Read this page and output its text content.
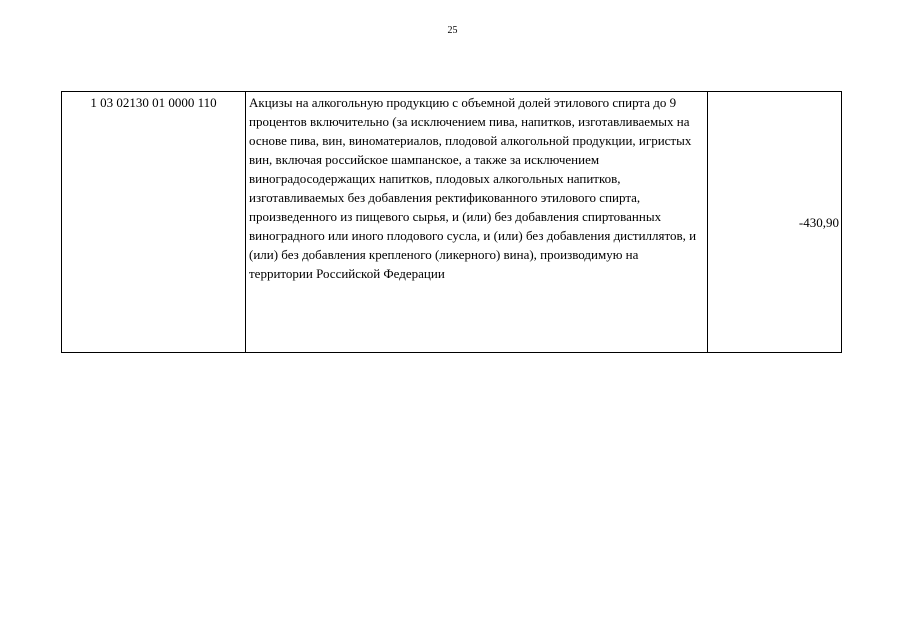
25
1 03 02130 01 0000 110	Акцизы на алкогольную продукцию с объемной долей этилового спирта до 9 процентов включительно (за исключением пива, напитков, изготавливаемых на основе пива, вин, виноматериалов, плодовой алкогольной продукции, игристых вин, включая российское шампанское, а также за исключением виноградосодержащих напитков, плодовых алкогольных напитков, изготавливаемых без добавления ректификованного этилового спирта, произведенного из пищевого сырья, и (или) без добавления спиртованных виноградного или иного плодового сусла, и (или) без добавления дистиллятов, и (или) без добавления крепленого (ликерного) вина), производимую на территории Российской Федерации	-430,90
